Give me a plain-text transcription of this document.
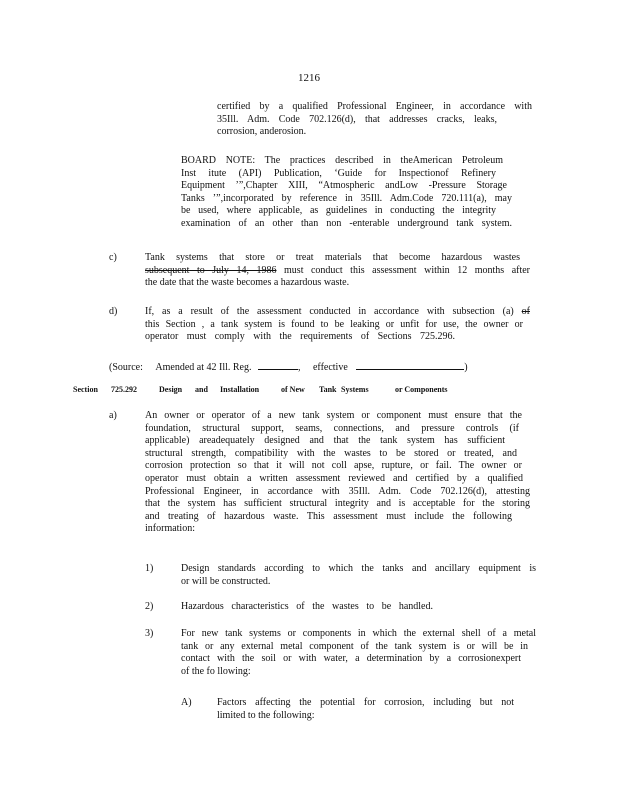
1216

certified by a qualified Professional Engineer, in accordance with

35Ill. Adm. Code 702.126(d), that addresses cracks, leaks,

corrosion, anderosion.

BOARD NOTE: The practices described in theAmerican Petroleum

Inst itute (API) Publication, ‘Guide for Inspectionof Refinery

Equipment ’”,Chapter XIII, “Atmospheric andLow -Pressure Storage

Tanks ’”,incorporated by reference in 35Ill. Adm.Code 720.111(a), may

be used, where applicable, as guidelines in conducting the integrity

examination of an other than non -enterable underground tank system.

c)	Tank systems that store or treat materials that become hazardous wastes

subsequent to July 14, 1986 must conduct this assessment within 12 months after

the date that the waste becomes a hazardous waste.

d)	If, as a result of the assessment conducted in accordance with subsection (a) of

this Section , a tank system is found to be leaking or unfit for use, the owner or

operator must comply with the requirements of Sections 725.296.

(Source: Amended at 42 Ill. Reg.	, effective	)
Section 725.292	Design and Installation	of New Tank Systems	or Components
a)	An owner or operator of a new tank system or component must ensure that the

foundation, structural support, seams, connections, and pressure controls (if

applicable) areadequately designed and that the tank system has sufficient

structural strength, compatibility with the wastes to be stored or treated, and

corrosion protection so that it will not coll apse, rupture, or fail. The owner or

operator must obtain a written assessment reviewed and certified by a qualified

Professional Engineer, in accordance with 35Ill. Adm. Code 702.126(d), attesting

that the system has sufficient structural integrity and is acceptable for the storing

and treating of hazardous waste. This assessment must include the following

information:

1)	Design standards according to which the tanks and ancillary equipment is

or will be constructed.

2)	Hazardous characteristics of the wastes to be handled.

3)	For new tank systems or components in which the external shell of a metal

tank or any external metal component of the tank system is or will be in

contact with the soil or with water, a determination by a corrosionexpert

of the fo llowing:

A)	Factors affecting the potential for corrosion, including but not

limited to the following:
